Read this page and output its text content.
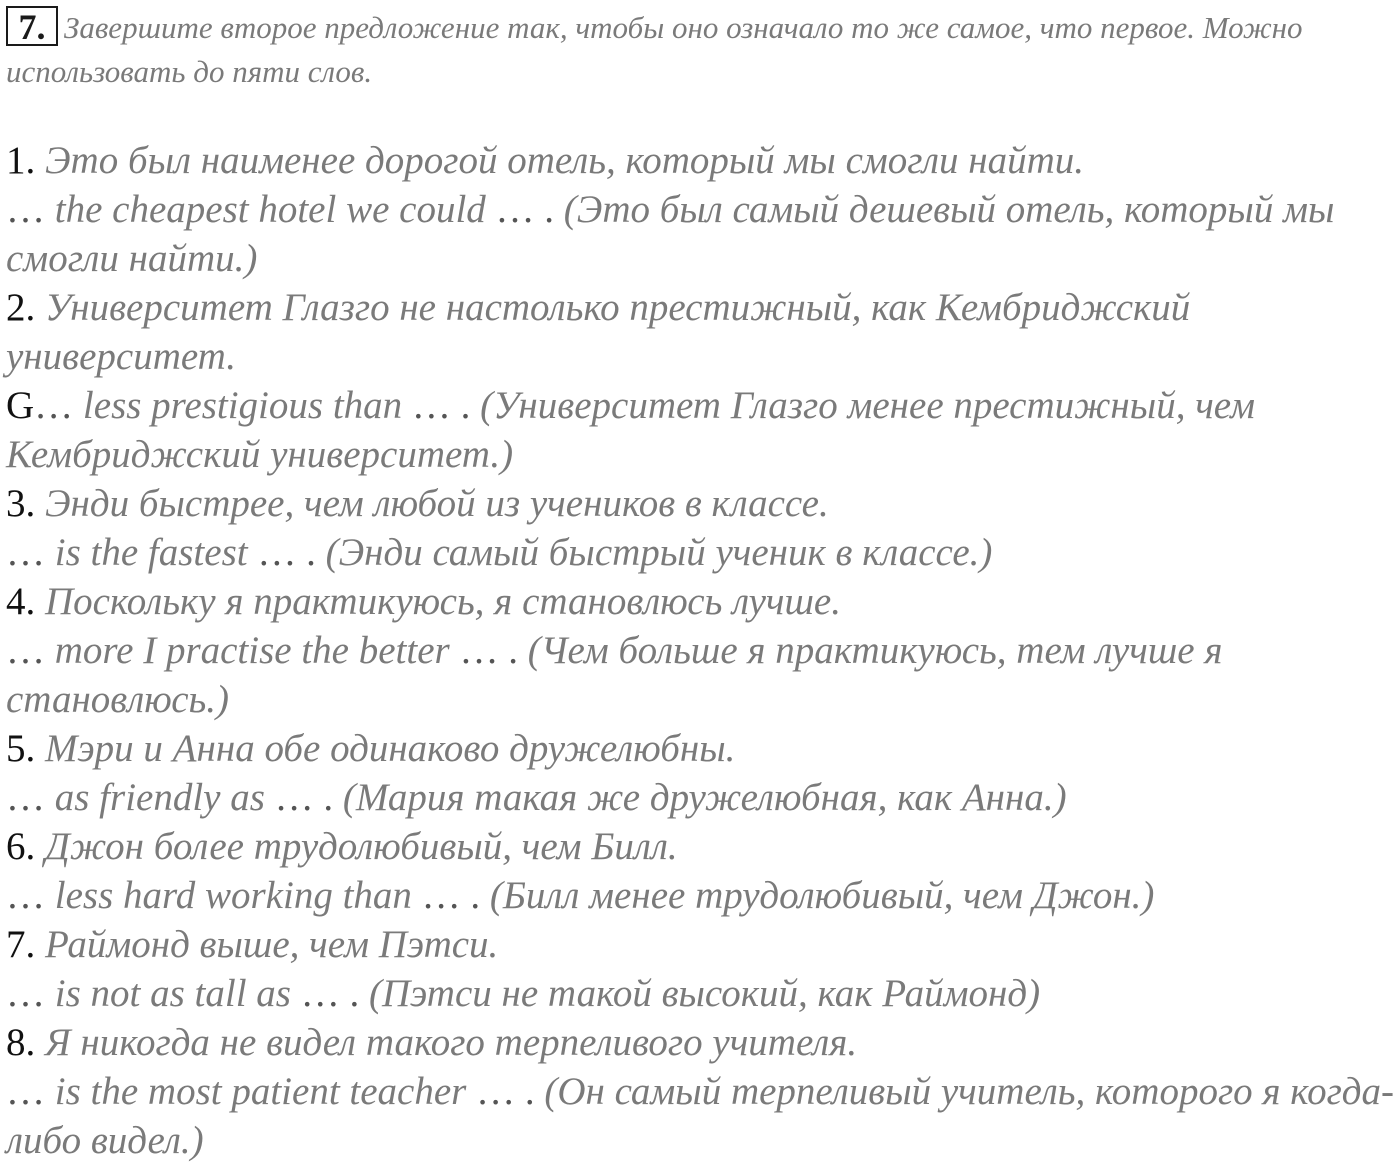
7. Завершите второе предложение так, чтобы оно означало то же самое, что первое. Можно использовать до пяти слов.
1. Это был наименее дорогой отель, который мы смогли найти.
… the cheapest hotel we could … . (Это был самый дешевый отель, который мы смогли найти.)
2. Университет Глазго не настолько престижный, как Кембриджский университет.
G… less prestigious than … . (Университет Глазго менее престижный, чем Кембриджский университет.)
3. Энди быстрее, чем любой из учеников в классе.
… is the fastest … . (Энди самый быстрый ученик в классе.)
4. Поскольку я практикуюсь, я становлюсь лучше.
… more I practise the better … . (Чем больше я практикуюсь, тем лучше я становлюсь.)
5. Мэри и Анна обе одинаково дружелюбны.
… as friendly as … . (Мария такая же дружелюбная, как Анна.)
6. Джон более трудолюбивый, чем Билл.
… less hard working than … . (Билл менее трудолюбивый, чем Джон.)
7. Раймонд выше, чем Пэтси.
… is not as tall as … . (Пэтси не такой высокий, как Раймонд)
8. Я никогда не видел такого терпеливого учителя.
… is the most patient teacher … . (Он самый терпеливый учитель, которого я когда-либо видел.)
